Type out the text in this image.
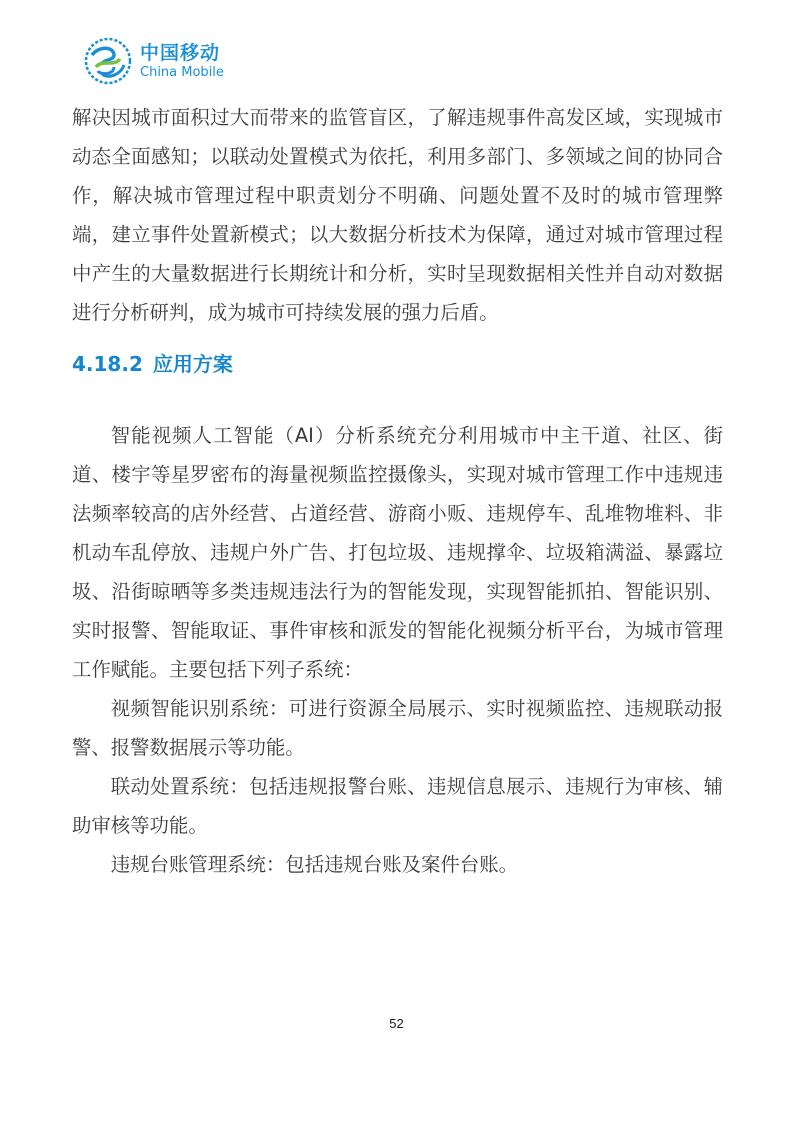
中国移动
China Mobile

解决因城市面积过大而带来的监管盲区，了解违规事件高发区域，实现城市动态全面感知；以联动处置模式为依托，利用多部门、多领域之间的协同合作，解决城市管理过程中职责划分不明确、问题处置不及时的城市管理弊端，建立事件处置新模式；以大数据分析技术为保障，通过对城市管理过程中产生的大量数据进行长期统计和分析，实时呈现数据相关性并自动对数据进行分析研判，成为城市可持续发展的强力后盾。

4.18.2 应用方案

智能视频人工智能（AI）分析系统充分利用城市中主干道、社区、街道、楼宇等星罗密布的海量视频监控摄像头，实现对城市管理工作中违规违法频率较高的店外经营、占道经营、游商小贩、违规停车、乱堆物堆料、非机动车乱停放、违规户外广告、打包垃圾、违规撑伞、垃圾箱满溢、暴露垃圾、沿街晾晒等多类违规违法行为的智能发现，实现智能抓拍、智能识别、实时报警、智能取证、事件审核和派发的智能化视频分析平台，为城市管理工作赋能。主要包括下列子系统：

视频智能识别系统：可进行资源全局展示、实时视频监控、违规联动报警、报警数据展示等功能。

联动处置系统：包括违规报警台账、违规信息展示、违规行为审核、辅助审核等功能。

违规台账管理系统：包括违规台账及案件台账。

52
